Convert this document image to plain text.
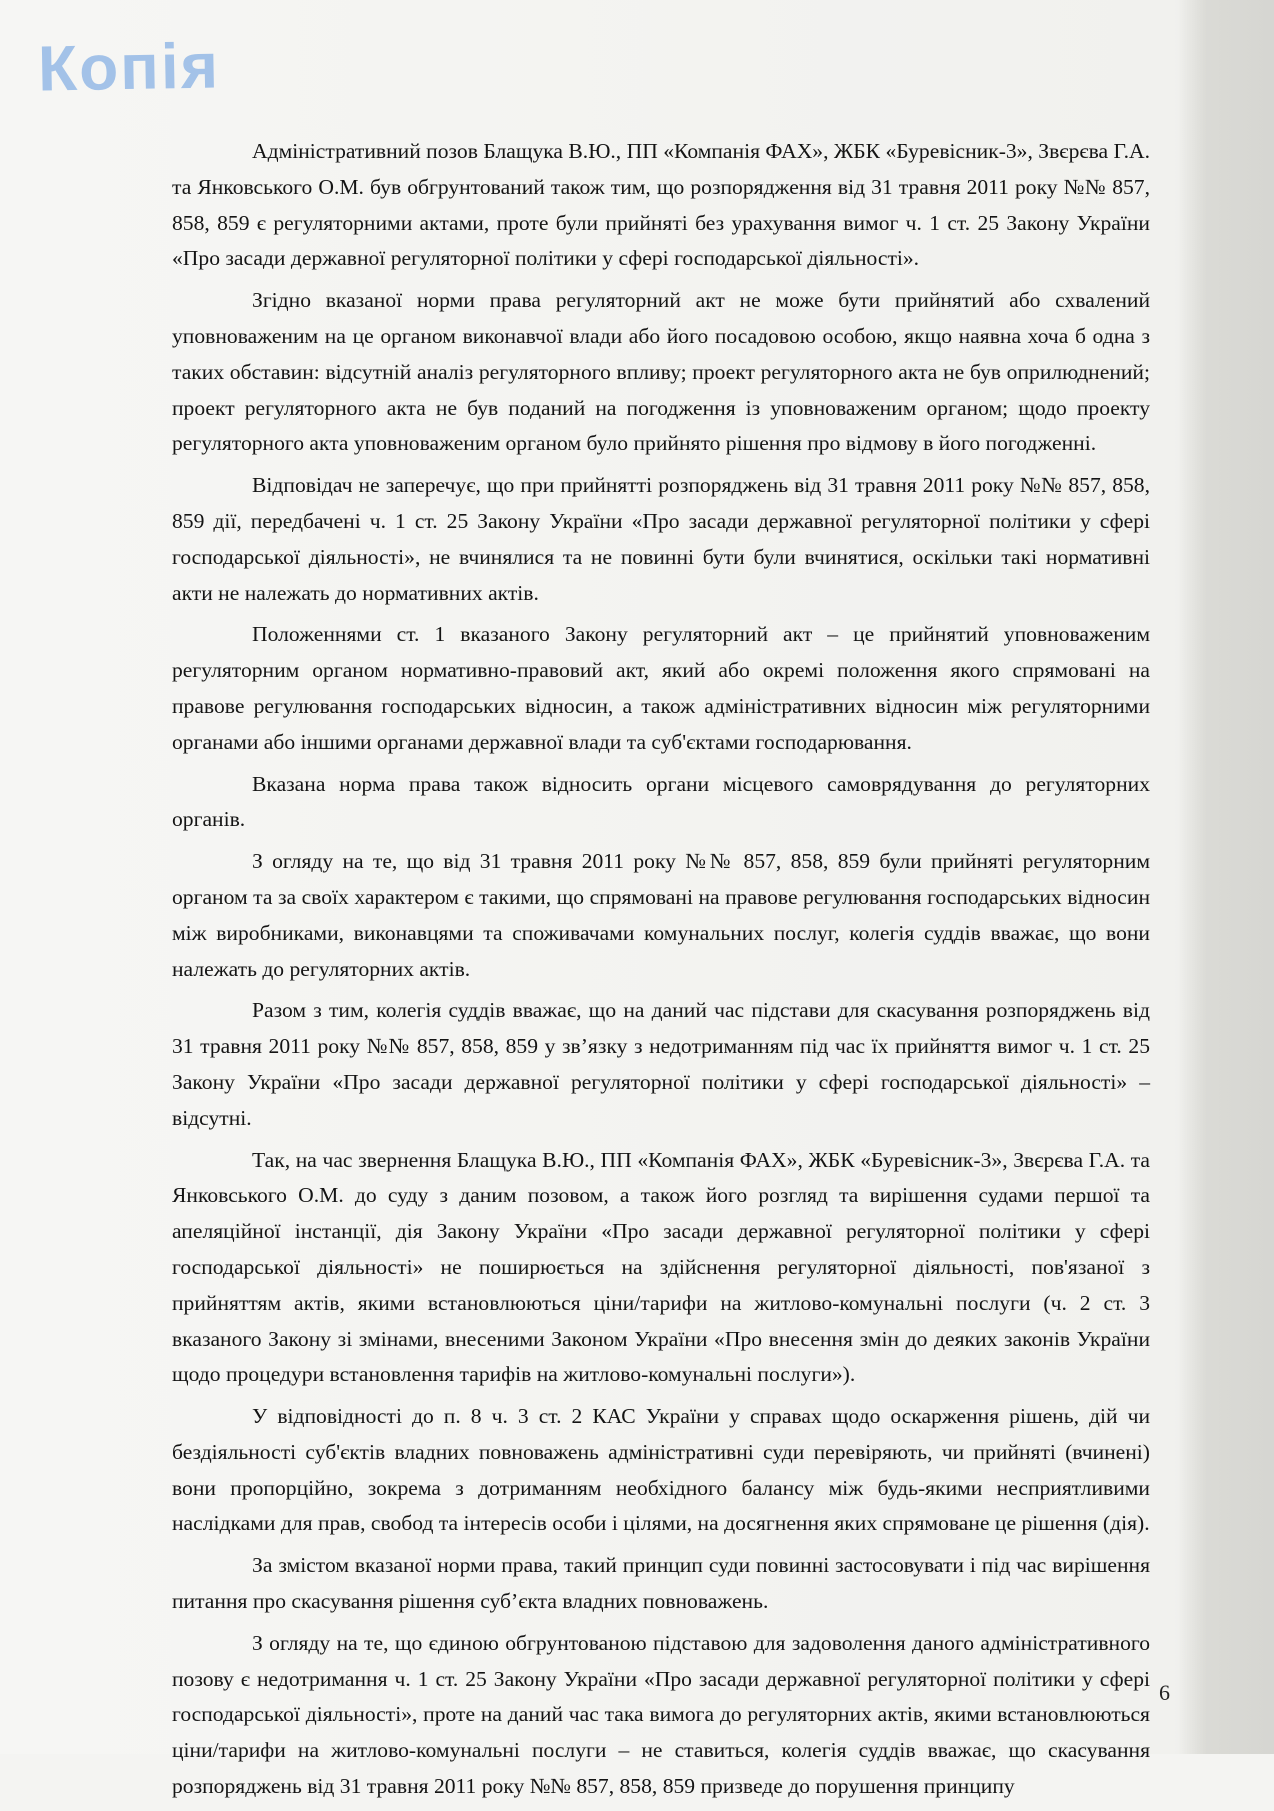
Копія

Адміністративний позов Блащука В.Ю., ПП «Компанія ФАХ», ЖБК «Буревісник-3», Звєрєва Г.А. та Янковського О.М. був обгрунтований також тим, що розпорядження від 31 травня 2011 року №№ 857, 858, 859 є регуляторними актами, проте були прийняті без урахування вимог ч. 1 ст. 25 Закону України «Про засади державної регуляторної політики у сфері господарської діяльності».

Згідно вказаної норми права регуляторний акт не може бути прийнятий або схвалений уповноваженим на це органом виконавчої влади або його посадовою особою, якщо наявна хоча б одна з таких обставин: відсутній аналіз регуляторного впливу; проект регуляторного акта не був оприлюднений; проект регуляторного акта не був поданий на погодження із уповноваженим органом; щодо проекту регуляторного акта уповноваженим органом було прийнято рішення про відмову в його погодженні.

Відповідач не заперечує, що при прийнятті розпоряджень від 31 травня 2011 року №№ 857, 858, 859 дії, передбачені ч. 1 ст. 25 Закону України «Про засади державної регуляторної політики у сфері господарської діяльності», не вчинялися та не повинні бути були вчинятися, оскільки такі нормативні акти не належать до нормативних актів.

Положеннями ст. 1 вказаного Закону регуляторний акт – це прийнятий уповноваженим регуляторним органом нормативно-правовий акт, який або окремі положення якого спрямовані на правове регулювання господарських відносин, а також адміністративних відносин між регуляторними органами або іншими органами державної влади та суб'єктами господарювання.

Вказана норма права також відносить органи місцевого самоврядування до регуляторних органів.

З огляду на те, що від 31 травня 2011 року №№ 857, 858, 859 були прийняті регуляторним органом та за своїх характером є такими, що спрямовані на правове регулювання господарських відносин між виробниками, виконавцями та споживачами комунальних послуг, колегія суддів вважає, що вони належать до регуляторних актів.

Разом з тим, колегія суддів вважає, що на даний час підстави для скасування розпоряджень від 31 травня 2011 року №№ 857, 858, 859 у зв’язку з недотриманням під час їх прийняття вимог ч. 1 ст. 25 Закону України «Про засади державної регуляторної політики у сфері господарської діяльності» – відсутні.

Так, на час звернення Блащука В.Ю., ПП «Компанія ФАХ», ЖБК «Буревісник-3», Звєрєва Г.А. та Янковського О.М. до суду з даним позовом, а також його розгляд та вирішення судами першої та апеляційної інстанції, дія Закону України «Про засади державної регуляторної політики у сфері господарської діяльності» не поширюється на здійснення регуляторної діяльності, пов'язаної з прийняттям актів, якими встановлюються ціни/тарифи на житлово-комунальні послуги (ч. 2 ст. 3 вказаного Закону зі змінами, внесеними Законом України «Про внесення змін до деяких законів України щодо процедури встановлення тарифів на житлово-комунальні послуги»).

У відповідності до п. 8 ч. 3 ст. 2 КАС України у справах щодо оскарження рішень, дій чи бездіяльності суб'єктів владних повноважень адміністративні суди перевіряють, чи прийняті (вчинені) вони пропорційно, зокрема з дотриманням необхідного балансу між будь-якими несприятливими наслідками для прав, свобод та інтересів особи і цілями, на досягнення яких спрямоване це рішення (дія).

За змістом вказаної норми права, такий принцип суди повинні застосовувати і під час вирішення питання про скасування рішення суб’єкта владних повноважень.

З огляду на те, що єдиною обгрунтованою підставою для задоволення даного адміністративного позову є недотримання ч. 1 ст. 25 Закону України «Про засади державної регуляторної політики у сфері господарської діяльності», проте на даний час така вимога до регуляторних актів, якими встановлюються ціни/тарифи на житлово-комунальні послуги – не ставиться, колегія суддів вважає, що скасування розпоряджень від 31 травня 2011 року №№ 857, 858, 859 призведе до порушення принципу

6
